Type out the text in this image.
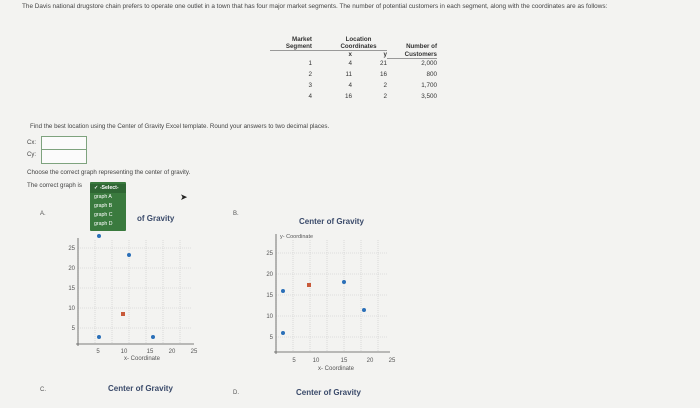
The Davis national drugstore chain prefers to operate one outlet in a town that has four major market segments. The number of potential customers in each segment, along with the coordinates are as follows:
Market	Location		
Segment	Coordinates		Number of
	x	y	Customers
1	4	21	2,000
2	11	16	800
3	4	2	1,700
4	16	2	3,500
Find the best location using the Center of Gravity Excel template. Round your answers to two decimal places.
Cx:
Cy:
Choose the correct graph representing the center of gravity.
The correct graph is	✓ -Select-
graph A
graph B
graph C
graph D
➤
A.	of Gravity
25
20
15
10
5
5	10	15	20	25
x- Coordinate
B.
Center of Gravity
y- Coordinate
25
20
15
10
5
5	10	15	20	25
x- Coordinate
C.	Center of Gravity	D.	Center of Gravity
